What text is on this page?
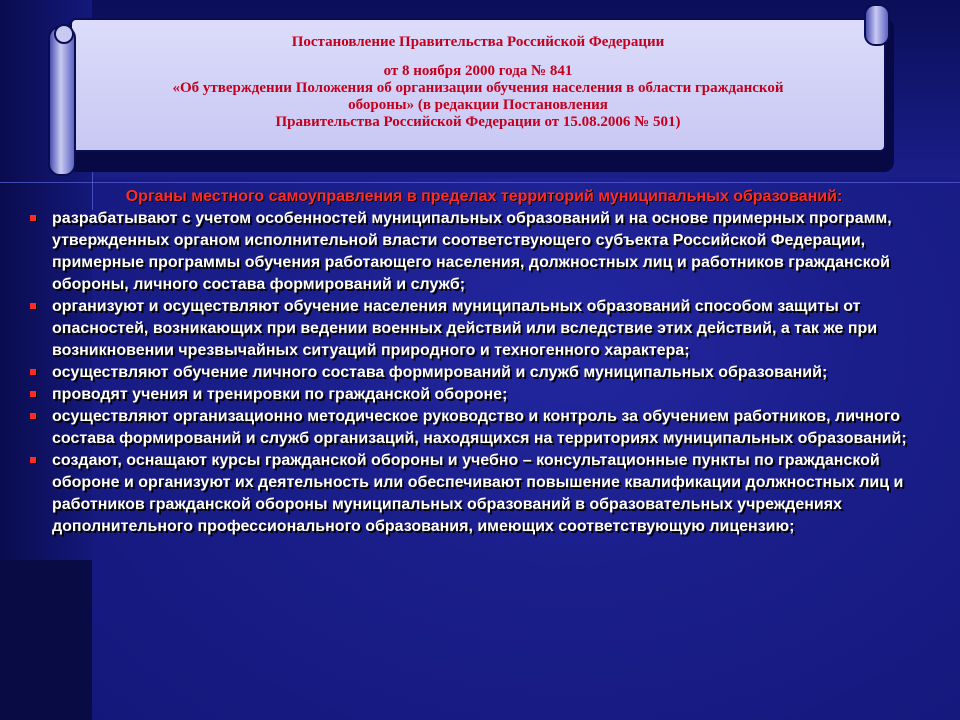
Постановление Правительства Российской Федерации
от 8 ноября 2000 года № 841
«Об утверждении Положения об организации обучения населения в области гражданской
обороны» (в редакции Постановления
Правительства Российской Федерации от 15.08.2006 № 501)
Органы местного самоуправления в пределах территорий муниципальных образований:
разрабатывают с учетом особенностей муниципальных образований и на основе примерных программ, утвержденных органом исполнительной власти соответствующего субъекта Российской Федерации, примерные программы обучения работающего населения, должностных лиц и работников гражданской обороны, личного состава формирований и служб;
организуют и осуществляют обучение населения муниципальных образований способом защиты от опасностей, возникающих при ведении военных действий или вследствие этих действий, а так же при возникновении чрезвычайных ситуаций природного и техногенного характера;
осуществляют обучение личного состава формирований и служб муниципальных образований;
проводят учения и тренировки по гражданской обороне;
осуществляют организационно методическое руководство и контроль за обучением работников, личного состава формирований и служб организаций, находящихся на территориях муниципальных образований;
создают, оснащают курсы гражданской обороны и учебно – консультационные пункты по гражданской обороне и организуют их деятельность или обеспечивают повышение квалификации должностных лиц и работников гражданской обороны муниципальных образований в образовательных учреждениях дополнительного профессионального образования, имеющих соответствующую лицензию;
